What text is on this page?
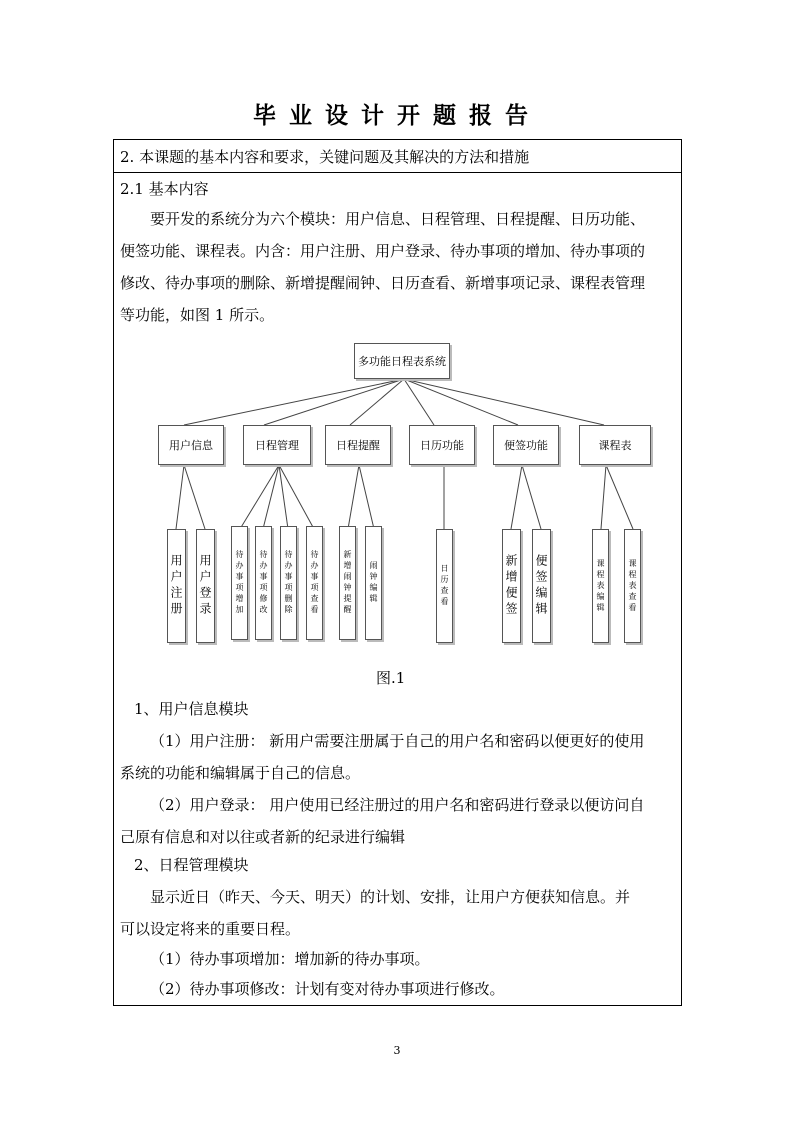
毕业设计开题报告
2. 本课题的基本内容和要求，关键问题及其解决的方法和措施
2.1 基本内容
要开发的系统分为六个模块：用户信息、日程管理、日程提醒、日历功能、
便签功能、课程表。内含：用户注册、用户登录、待办事项的增加、待办事项的
修改、待办事项的删除、新增提醒闹钟、日历查看、新增事项记录、课程表管理
等功能，如图 1 所示。
多功能日程表系统
用户信息	日程管理	日程提醒	日历功能	便签功能	课程表
用户注册 用户登录	待办事项增加	待办事项修改	待办事项删除	待办事项查看	新增闹钟提醒	闹钟编辑	日历查看	新增便签 便签编辑	课程表编辑	课程表查看
图.1
1、用户信息模块
（1）用户注册： 新用户需要注册属于自己的用户名和密码以便更好的使用
系统的功能和编辑属于自己的信息。
（2）用户登录： 用户使用已经注册过的用户名和密码进行登录以便访问自
己原有信息和对以往或者新的纪录进行编辑
2、日程管理模块
显示近日（昨天、今天、明天）的计划、安排，让用户方便获知信息。并
可以设定将来的重要日程。
（1）待办事项增加：增加新的待办事项。
（2）待办事项修改：计划有变对待办事项进行修改。
3
